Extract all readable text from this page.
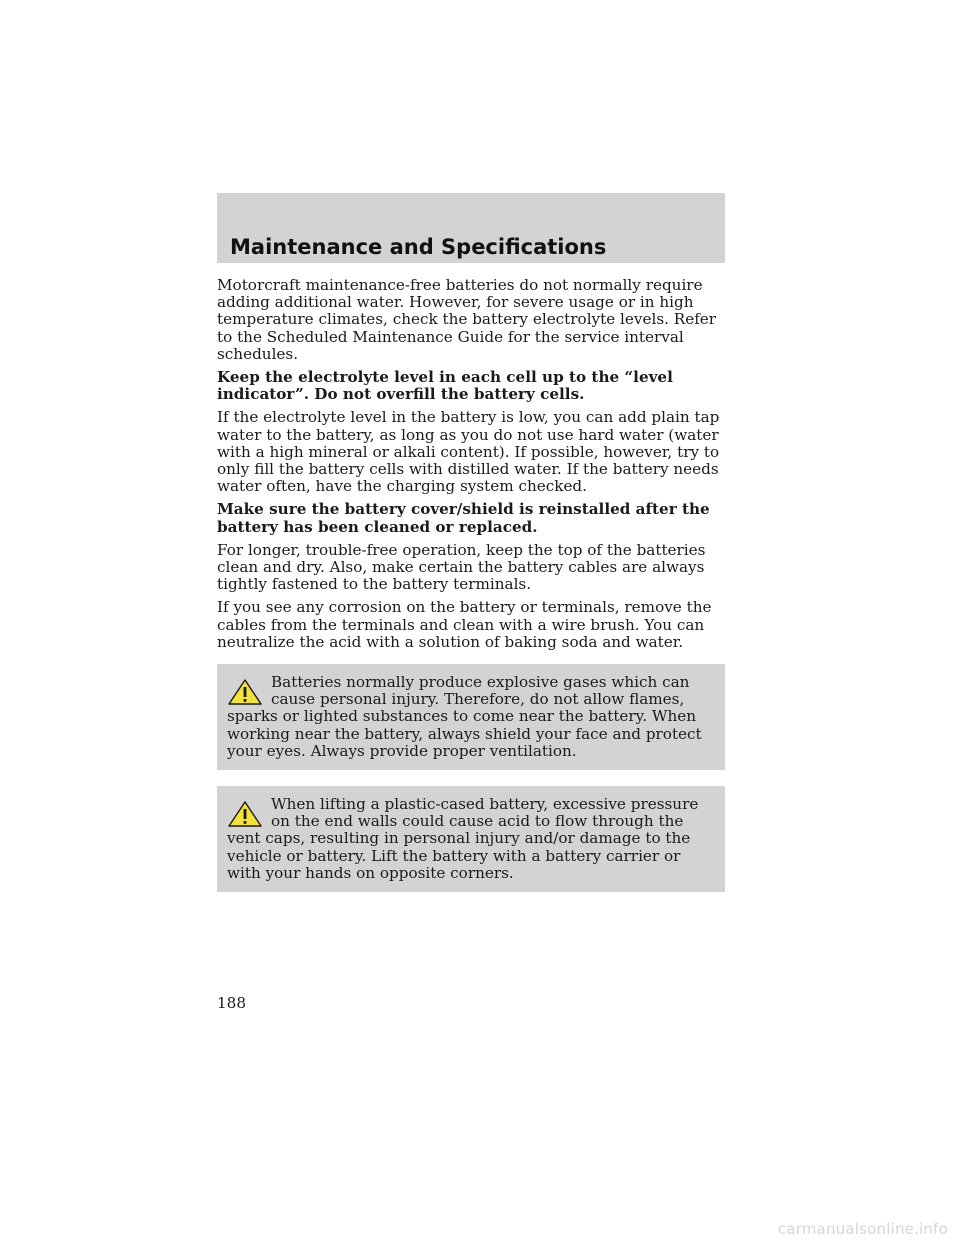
Maintenance and Specifications

Motorcraft maintenance-free batteries do not normally require adding additional water. However, for severe usage or in high temperature climates, check the battery electrolyte levels. Refer to the Scheduled Maintenance Guide for the service interval schedules.

Keep the electrolyte level in each cell up to the “level indicator”. Do not overfill the battery cells.

If the electrolyte level in the battery is low, you can add plain tap water to the battery, as long as you do not use hard water (water with a high mineral or alkali content). If possible, however, try to only fill the battery cells with distilled water. If the battery needs water often, have the charging system checked.

Make sure the battery cover/shield is reinstalled after the battery has been cleaned or replaced.

For longer, trouble-free operation, keep the top of the batteries clean and dry. Also, make certain the battery cables are always tightly fastened to the battery terminals.

If you see any corrosion on the battery or terminals, remove the cables from the terminals and clean with a wire brush. You can neutralize the acid with a solution of baking soda and water.

Batteries normally produce explosive gases which can cause personal injury. Therefore, do not allow flames, sparks or lighted substances to come near the battery. When working near the battery, always shield your face and protect your eyes. Always provide proper ventilation.

When lifting a plastic-cased battery, excessive pressure on the end walls could cause acid to flow through the vent caps, resulting in personal injury and/or damage to the vehicle or battery. Lift the battery with a battery carrier or with your hands on opposite corners.

188

carmanualsonline.info
